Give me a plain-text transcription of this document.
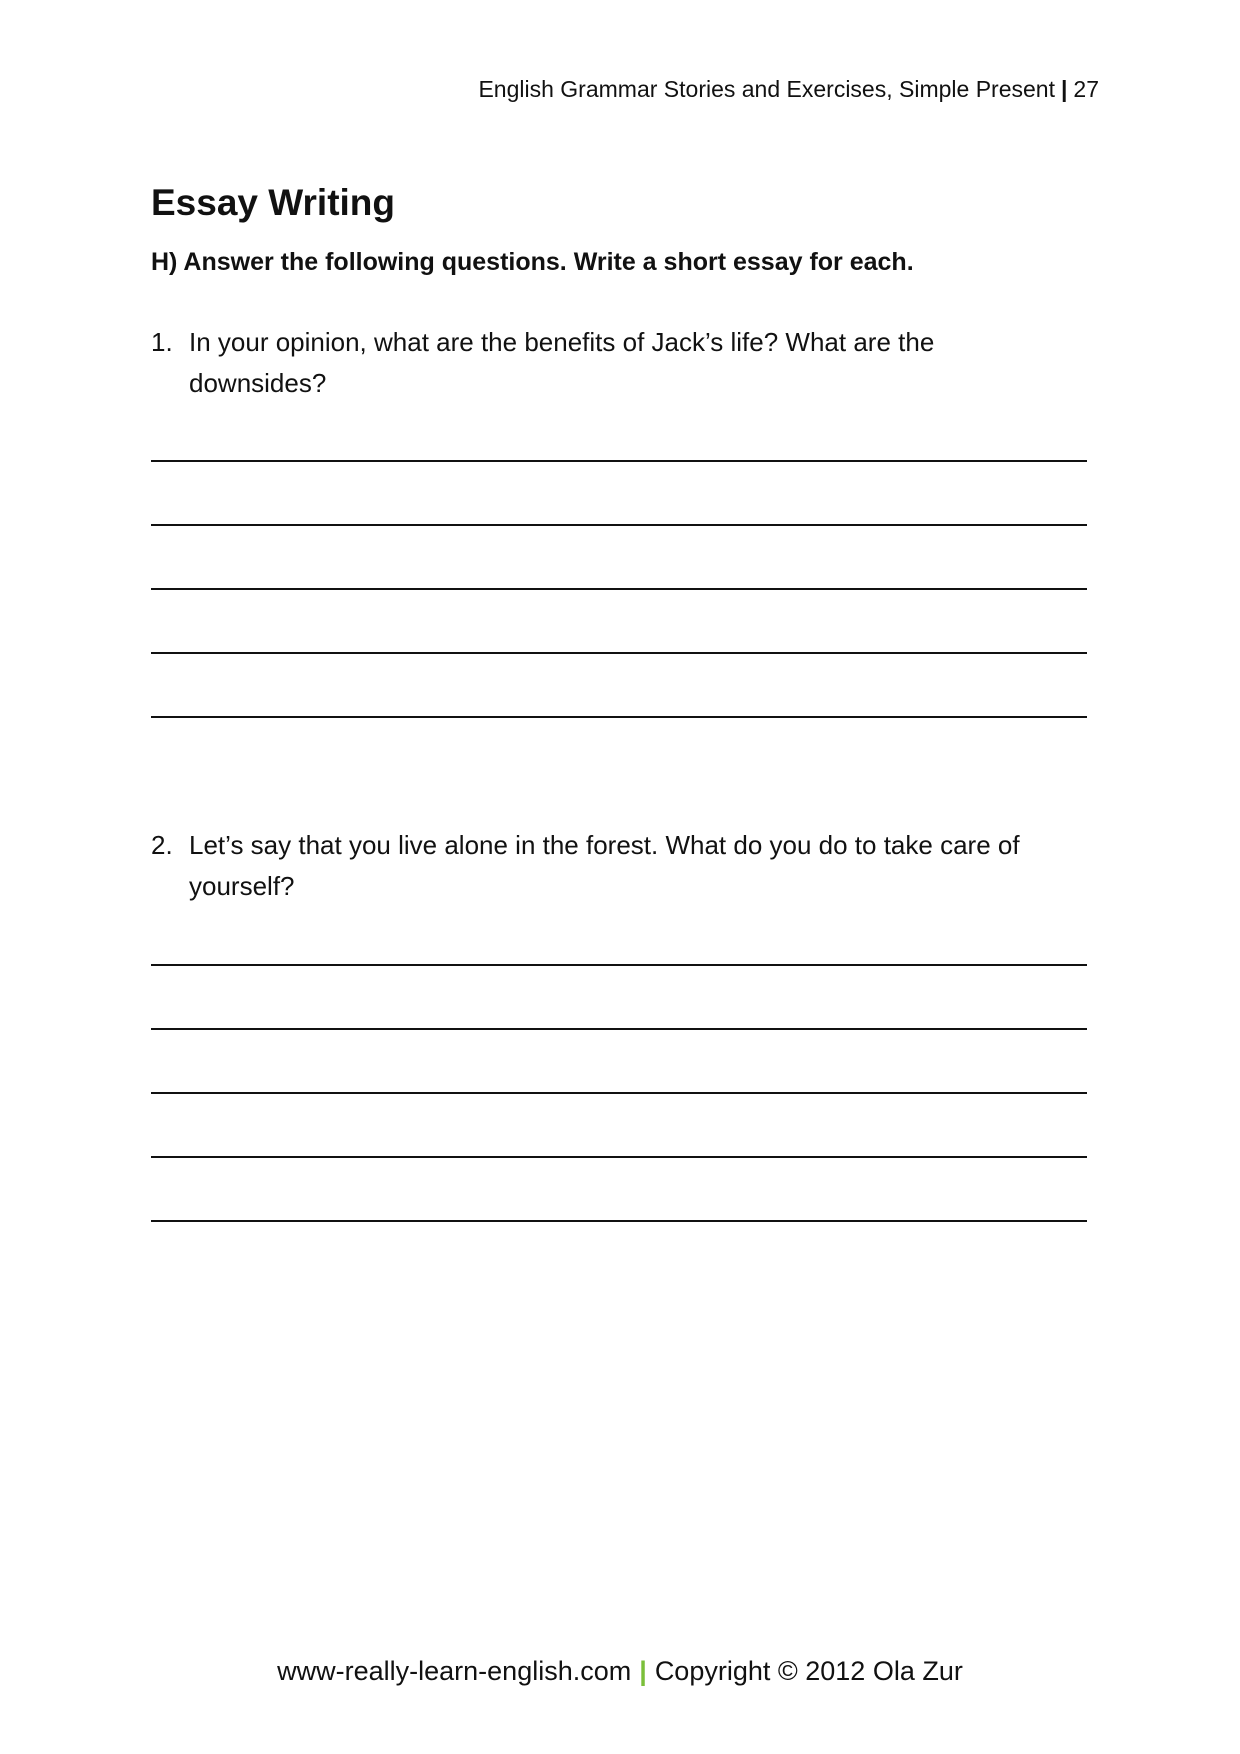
English Grammar Stories and Exercises, Simple Present | 27
Essay Writing

H) Answer the following questions. Write a short essay for each.

1. In your opinion, what are the benefits of Jack’s life? What are the downsides?
2. Let’s say that you live alone in the forest. What do you do to take care of yourself?
www-really-learn-english.com | Copyright © 2012 Ola Zur
